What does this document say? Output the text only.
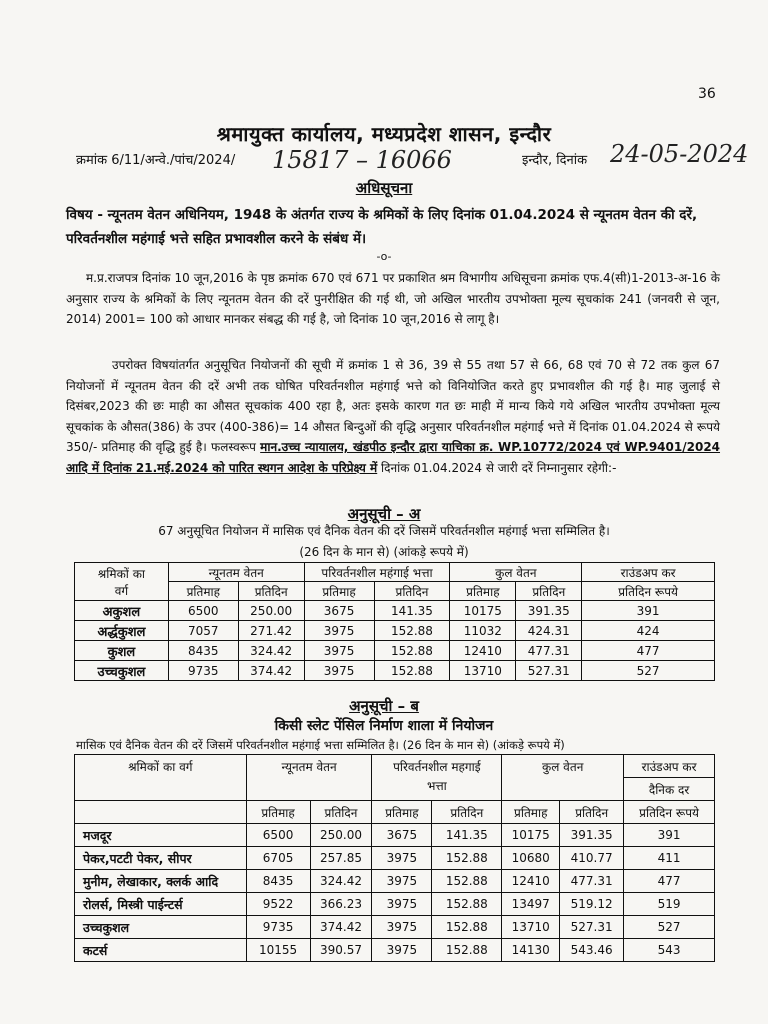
36
श्रमायुक्त कार्यालय, मध्यप्रदेश शासन, इन्दौर
क्रमांक 6/11/अन्वे./पांच/2024/ 15817 – 16066	इन्दौर, दिनांक 24-05-2024
अधिसूचना
विषय - न्यूनतम वेतन अधिनियम, 1948 के अंतर्गत राज्य के श्रमिकों के लिए दिनांक 01.04.2024 से न्यूनतम वेतन की दरें, परिवर्तनशील महंगाई भत्ते सहित प्रभावशील करने के संबंध में।
-o-
म.प्र.राजपत्र दिनांक 10 जून,2016 के पृष्ठ क्रमांक 670 एवं 671 पर प्रकाशित श्रम विभागीय अधिसूचना क्रमांक एफ.4(सी)1-2013-अ-16 के अनुसार राज्य के श्रमिकों के लिए न्यूनतम वेतन की दरें पुनरीक्षित की गई थी, जो अखिल भारतीय उपभोक्ता मूल्य सूचकांक 241 (जनवरी से जून, 2014) 2001= 100 को आधार मानकर संबद्ध की गई है, जो दिनांक 10 जून,2016 से लागू है।
उपरोक्त विषयांतर्गत अनुसूचित नियोजनों की सूची में क्रमांक 1 से 36, 39 से 55 तथा 57 से 66, 68 एवं 70 से 72 तक कुल 67 नियोजनों में न्यूनतम वेतन की दरें अभी तक घोषित परिवर्तनशील महंगाई भत्ते को विनियोजित करते हुए प्रभावशील की गई है। माह जुलाई से दिसंबर,2023 की छः माही का औसत सूचकांक 400 रहा है, अतः इसके कारण गत छः माही में मान्य किये गये अखिल भारतीय उपभोक्ता मूल्य सूचकांक के औसत(386) के उपर (400-386)= 14 औसत बिन्दुओं की वृद्धि अनुसार परिवर्तनशील महंगाई भत्ते में दिनांक 01.04.2024 से रूपये 350/- प्रतिमाह की वृद्धि हुई है। फलस्वरूप मान.उच्च न्यायालय, खंडपीठ इन्दौर द्वारा याचिका क्र. WP.10772/2024 एवं WP.9401/2024 आदि में दिनांक 21.मई.2024 को पारित स्थगन आदेश के परिप्रेक्ष्य में दिनांक 01.04.2024 से जारी दरें निम्नानुसार रहेगी:-
अनुसूची – अ
67 अनुसूचित नियोजन में मासिक एवं दैनिक वेतन की दरें जिसमें परिवर्तनशील महंगाई भत्ता सम्मिलित है।
(26 दिन के मान से) (आंकड़े रूपये में)
श्रमिकों का
वर्ग	न्यूनतम वेतन		परिवर्तनशील महंगाई भत्ता		कुल वेतन		राउंडअप कर
	प्रतिमाह	प्रतिदिन	प्रतिमाह	प्रतिदिन	प्रतिमाह	प्रतिदिन	प्रतिदिन रूपये
अकुशल	6500	250.00	3675	141.35	10175	391.35	391
अर्द्धकुशल	7057	271.42	3975	152.88	11032	424.31	424
कुशल	8435	324.42	3975	152.88	12410	477.31	477
उच्चकुशल	9735	374.42	3975	152.88	13710	527.31	527
अनुसूची – ब
किसी स्लेट पेंसिल निर्माण शाला में नियोजन
मासिक एवं दैनिक वेतन की दरें जिसमें परिवर्तनशील महंगाई भत्ता सम्मिलित है। (26 दिन के मान से) (आंकड़े रूपये में)
श्रमिकों का वर्ग	न्यूनतम वेतन		परिवर्तनशील महगाई
भत्ता		कुल वेतन		राउंडअप कर
							दैनिक दर
	प्रतिमाह	प्रतिदिन	प्रतिमाह	प्रतिदिन	प्रतिमाह	प्रतिदिन	प्रतिदिन रूपये
मजदूर	6500	250.00	3675	141.35	10175	391.35	391
पेकर,पटटी पेकर, सीपर	6705	257.85	3975	152.88	10680	410.77	411
मुनीम, लेखाकार, क्लर्क आदि	8435	324.42	3975	152.88	12410	477.31	477
रोलर्स, मिस्त्री पाईन्टर्स	9522	366.23	3975	152.88	13497	519.12	519
उच्चकुशल	9735	374.42	3975	152.88	13710	527.31	527
कटर्स	10155	390.57	3975	152.88	14130	543.46	543
